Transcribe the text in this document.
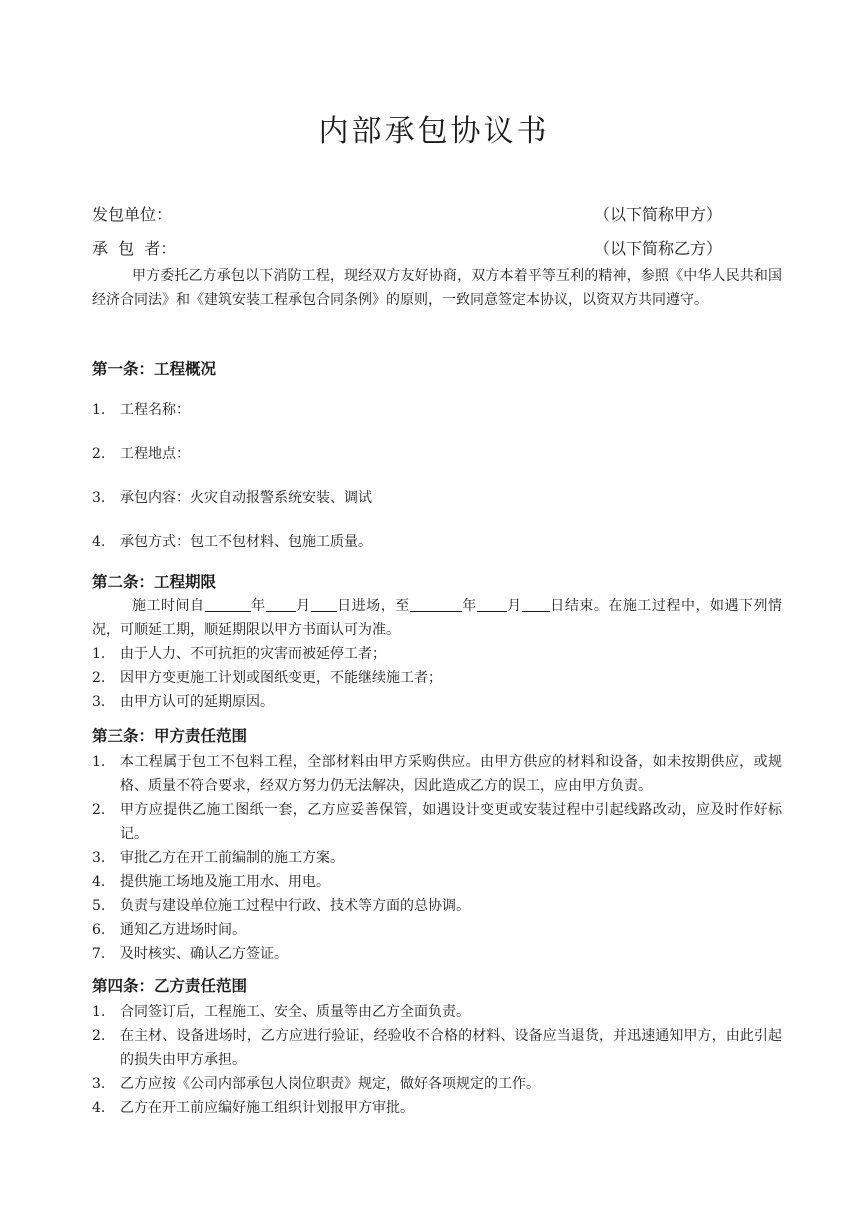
内部承包协议书
发包单位：	（以下简称甲方）
承  包  者：	（以下简称乙方）

甲方委托乙方承包以下消防工程，现经双方友好协商，双方本着平等互利的精神，参照《中华人民共和国经济合同法》和《建筑安装工程承包合同条例》的原则，一致同意签定本协议，以资双方共同遵守。

第一条：工程概况
1.	工程名称：
2.	工程地点：
3.	承包内容：火灾自动报警系统安装、调试
4.	承包方式：包工不包材料、包施工质量。
第二条：工程期限

施工时间自	年 月 日进场，至	年 月 日结束。在施工过程中，如遇下列情况，可顺延工期，顺延期限以甲方书面认可为准。

1.	由于人力、不可抗拒的灾害而被延停工者；
2.	因甲方变更施工计划或图纸变更，不能继续施工者；
3.	由甲方认可的延期原因。
第三条：甲方责任范围
1.	本工程属于包工不包料工程，全部材料由甲方采购供应。由甲方供应的材料和设备，如未按期供应，或规格、质量不符合要求，经双方努力仍无法解决，因此造成乙方的误工，应由甲方负责。
2.	甲方应提供乙施工图纸一套，乙方应妥善保管，如遇设计变更或安装过程中引起线路改动，应及时作好标记。
3.	审批乙方在开工前编制的施工方案。
4.	提供施工场地及施工用水、用电。
5.	负责与建设单位施工过程中行政、技术等方面的总协调。
6.	通知乙方进场时间。
7.	及时核实、确认乙方签证。
第四条：乙方责任范围
1.	合同签订后，工程施工、安全、质量等由乙方全面负责。
2.	在主材、设备进场时，乙方应进行验证，经验收不合格的材料、设备应当退货，并迅速通知甲方，由此引起的损失由甲方承担。
3.	乙方应按《公司内部承包人岗位职责》规定，做好各项规定的工作。
4.	乙方在开工前应编好施工组织计划报甲方审批。
